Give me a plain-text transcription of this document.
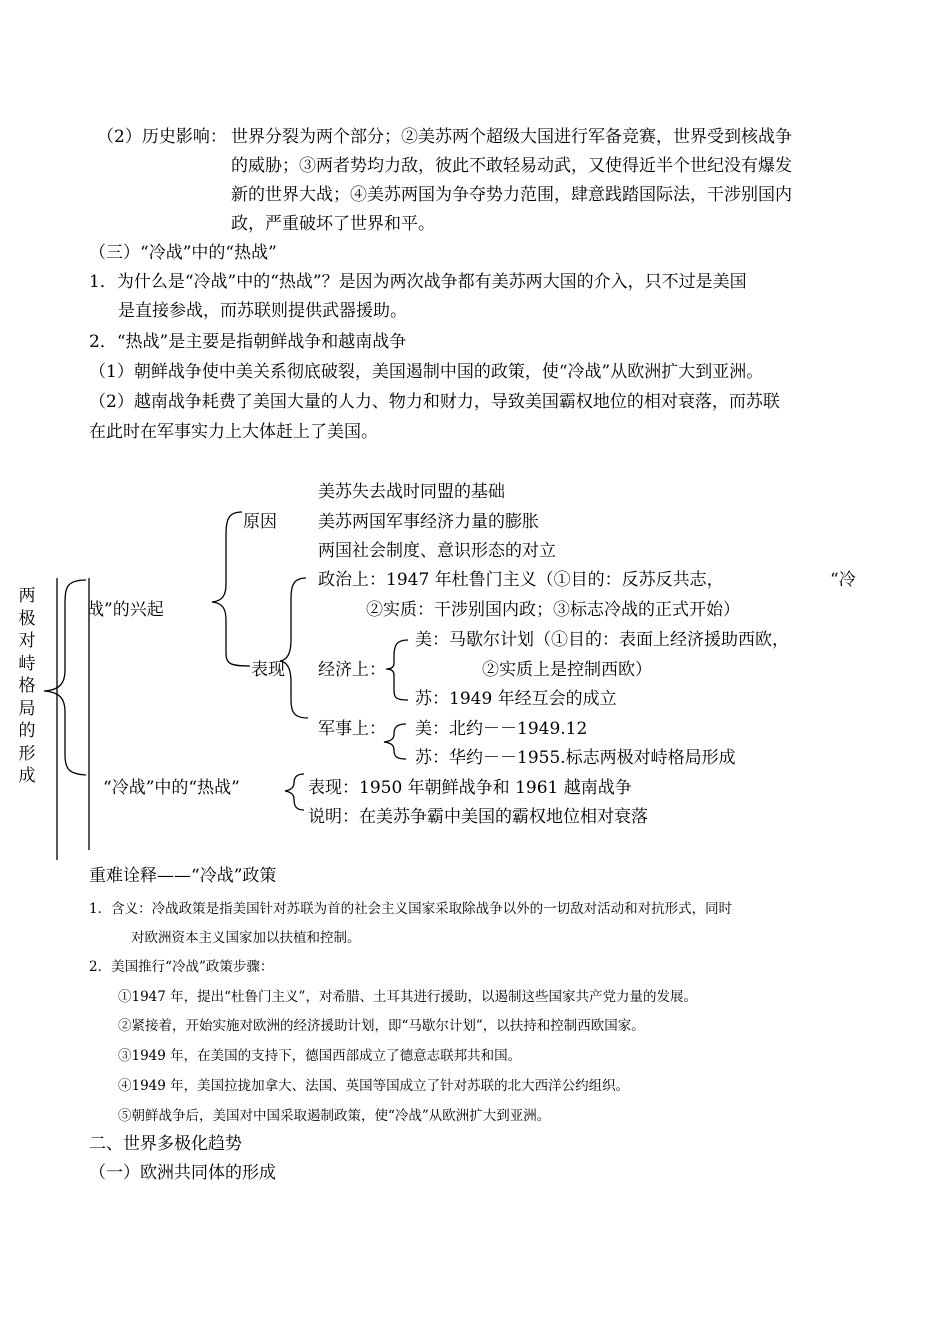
（2）历史影响： 世界分裂为两个部分；②美苏两个超级大国进行军备竞赛，世界受到核战争
的威胁；③两者势均力敌，彼此不敢轻易动武，又使得近半个世纪没有爆发
新的世界大战；④美苏两国为争夺势力范围，肆意践踏国际法，干涉别国内
政，严重破坏了世界和平。
（三）“冷战”中的“热战”
1．为什么是“冷战”中的“热战”？是因为两次战争都有美苏两大国的介入，只不过是美国
是直接参战，而苏联则提供武器援助。
2．“热战”是主要是指朝鲜战争和越南战争
（1）朝鲜战争使中美关系彻底破裂，美国遏制中国的政策，使“冷战”从欧洲扩大到亚洲。
（2）越南战争耗费了美国大量的人力、物力和财力，导致美国霸权地位的相对衰落，而苏联
在此时在军事实力上大体赶上了美国。
两
极
对
峙
格
局
的
形
成
“冷
战”的兴起
原因
美苏失去战时同盟的基础
美苏两国军事经济力量的膨胀
两国社会制度、意识形态的对立
表现
政治上：1947 年杜鲁门主义（①目的：反苏反共志，
②实质：干涉别国内政；③标志冷战的正式开始）
经济上：
美：马歇尔计划（①目的：表面上经济援助西欧，
②实质上是控制西欧）
苏：1949 年经互会的成立
军事上： 美：北约－－1949.12
苏：华约－－1955.标志两极对峙格局形成
“冷战”中的“热战”	表现：1950 年朝鲜战争和 1961 越南战争
说明：在美苏争霸中美国的霸权地位相对衰落
重难诠释——“冷战”政策
1．含义：冷战政策是指美国针对苏联为首的社会主义国家采取除战争以外的一切敌对活动和对抗形式，同时
对欧洲资本主义国家加以扶植和控制。
2．美国推行“冷战”政策步骤：
①1947 年，提出“杜鲁门主义”，对希腊、土耳其进行援助，以遏制这些国家共产党力量的发展。
②紧接着，开始实施对欧洲的经济援助计划，即“马歇尔计划”，以扶持和控制西欧国家。
③1949 年，在美国的支持下，德国西部成立了德意志联邦共和国。
④1949 年，美国拉拢加拿大、法国、英国等国成立了针对苏联的北大西洋公约组织。
⑤朝鲜战争后，美国对中国采取遏制政策，使“冷战”从欧洲扩大到亚洲。
二、世界多极化趋势
（一）欧洲共同体的形成
